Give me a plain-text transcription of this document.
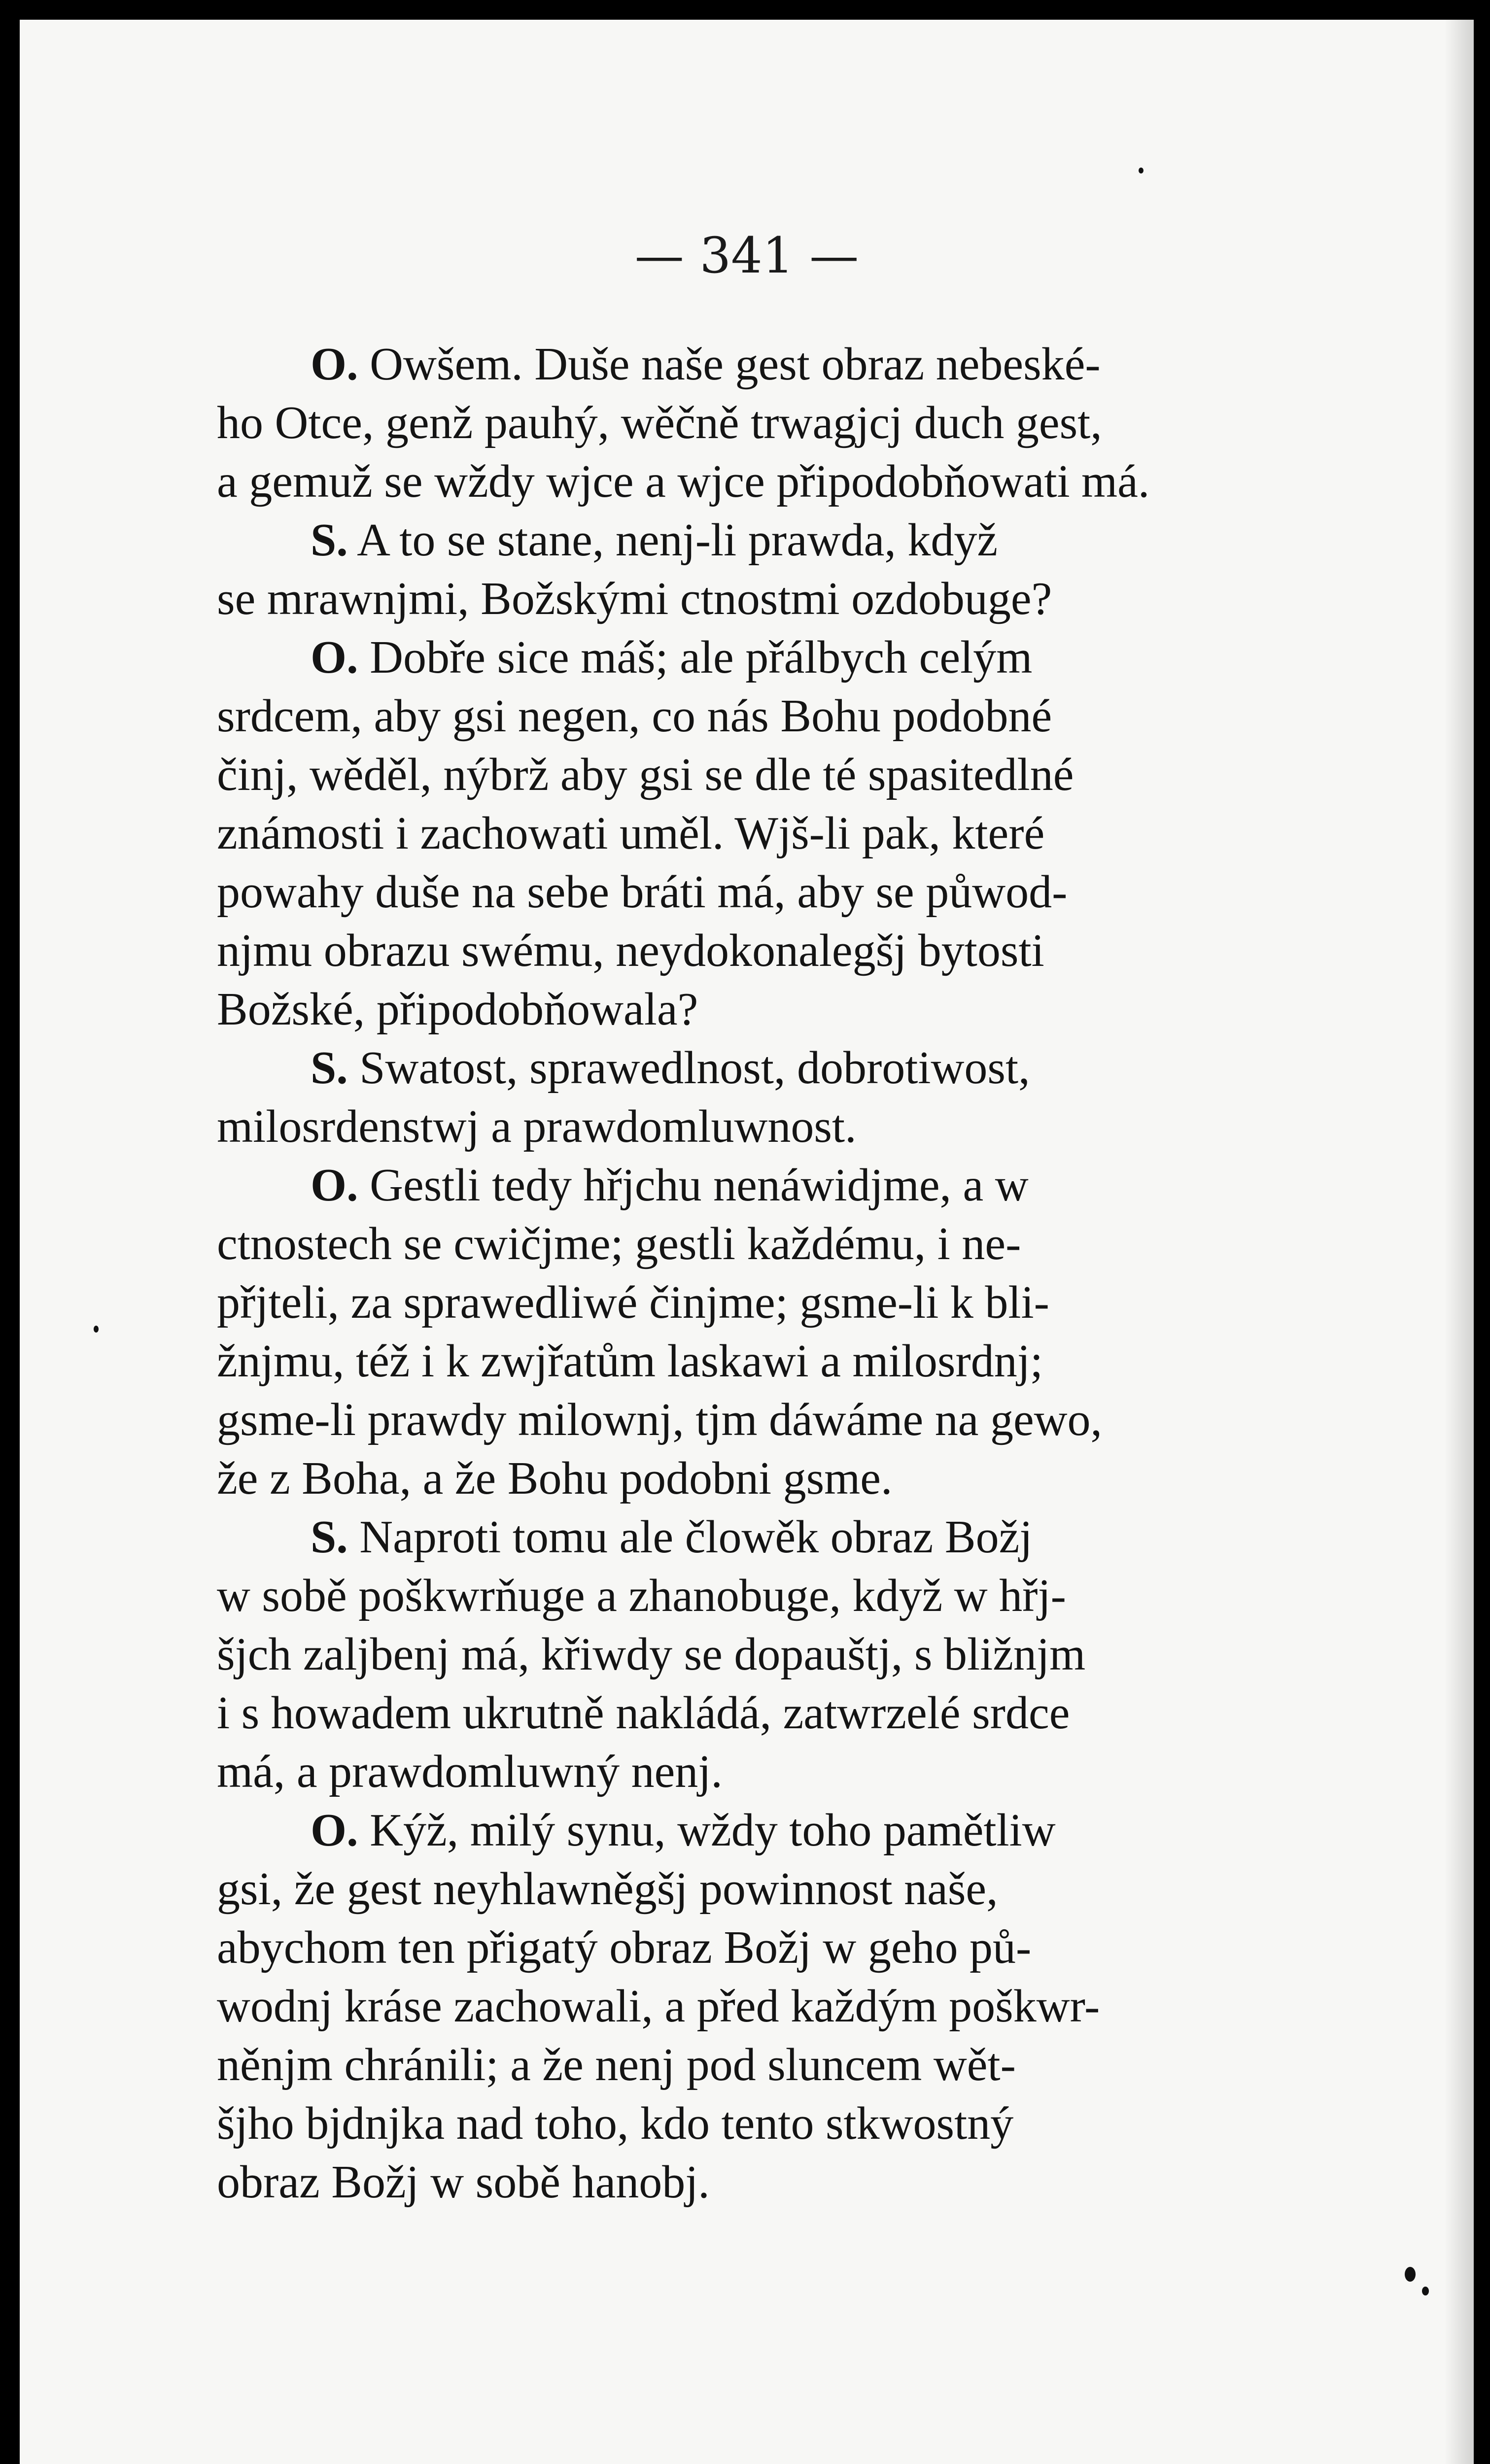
— 341 —
O. Owšem. Duše naše gest obraz nebeské-
ho Otce, genž pauhý, wěčně trwagjcj duch gest,
a gemuž se wždy wjce a wjce připodobňowati má.
S. A to se stane, nenj-li prawda, když
se mrawnjmi, Božskými ctnostmi ozdobuge?
O. Dobře sice máš; ale přálbych celým
srdcem, aby gsi negen, co nás Bohu podobné
činj, wěděl, nýbrž aby gsi se dle té spasitedlné
známosti i zachowati uměl. Wjš-li pak, které
powahy duše na sebe bráti má, aby se půwod-
njmu obrazu swému, neydokonalegšj bytosti
Božské, připodobňowala?
S. Swatost, sprawedlnost, dobrotiwost,
milosrdenstwj a prawdomluwnost.
O. Gestli tedy hřjchu nenáwidjme, a w
ctnostech se cwičjme; gestli každému, i ne-
přjteli, za sprawedliwé činjme; gsme-li k bli-
žnjmu, též i k zwjřatům laskawi a milosrdnj;
gsme-li prawdy milownj, tjm dáwáme na gewo,
že z Boha, a že Bohu podobni gsme.
S. Naproti tomu ale člowěk obraz Božj
w sobě poškwrňuge a zhanobuge, když w hřj-
šjch zaljbenj má, křiwdy se dopauštj, s bližnjm
i s howadem ukrutně nakládá, zatwrzelé srdce
má, a prawdomluwný nenj.
O. Kýž, milý synu, wždy toho pamětliw
gsi, že gest neyhlawněgšj powinnost naše,
abychom ten přigatý obraz Božj w geho pů-
wodnj kráse zachowali, a před každým poškwr-
něnjm chránili; a že nenj pod sluncem wět-
šjho bjdnjka nad toho, kdo tento stkwostný
obraz Božj w sobě hanobj.
